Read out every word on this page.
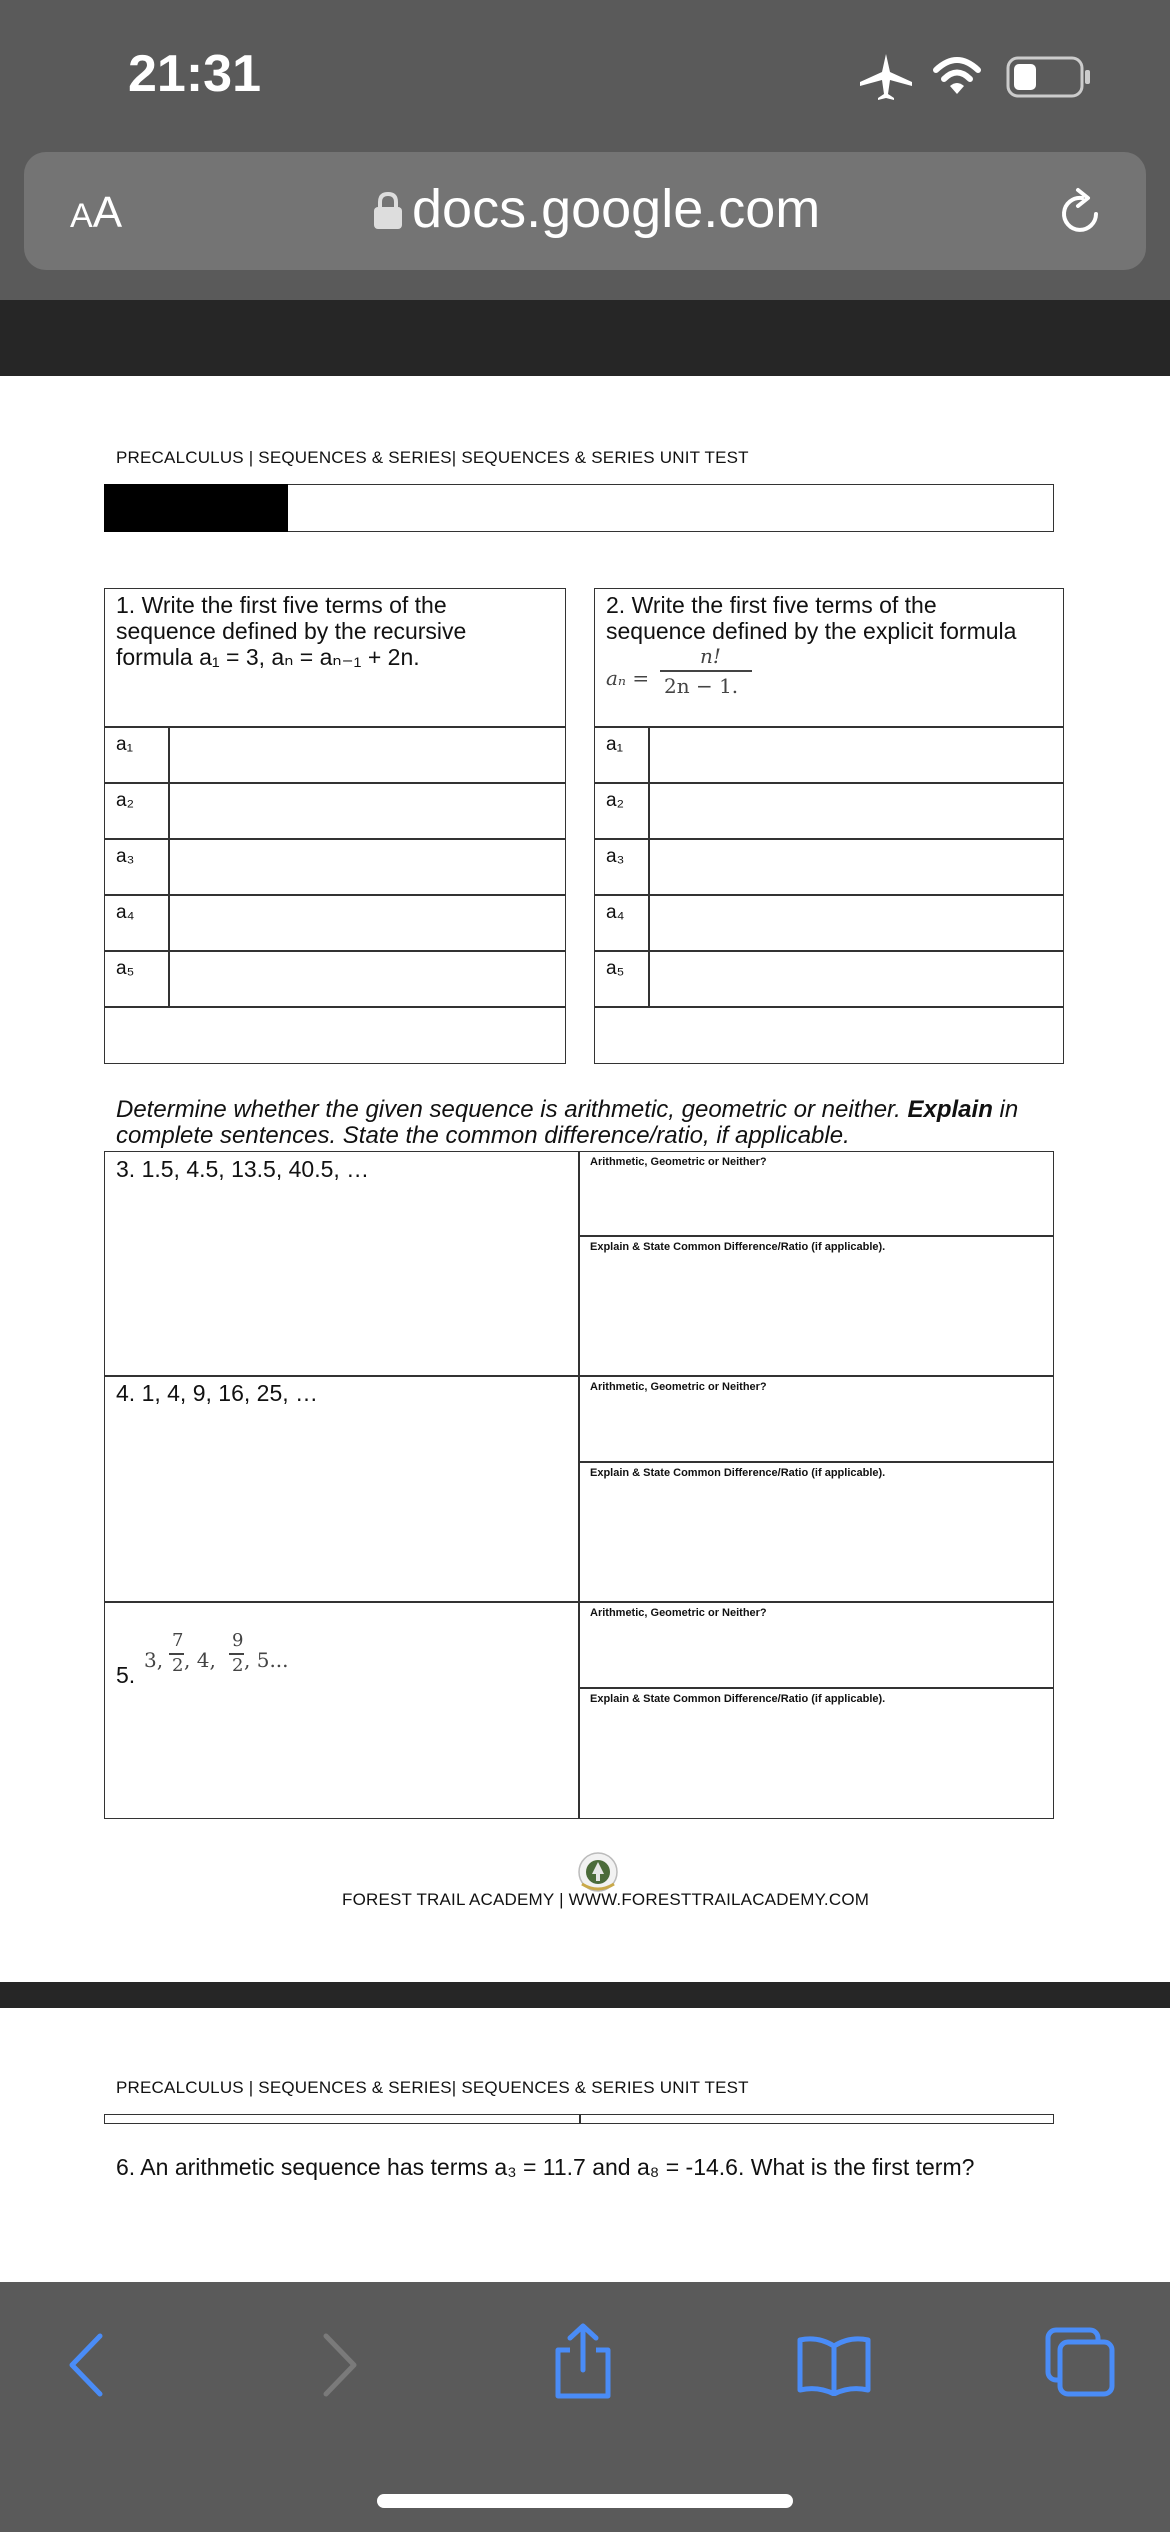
21:31
AA	docs.google.com
PRECALCULUS | SEQUENCES & SERIES| SEQUENCES & SERIES UNIT TEST
1. Write the first five terms of the
sequence defined by the recursive
formula a₁ = 3, aₙ = aₙ₋₁ + 2n.
a₁
a₂
a₃
a₄
a₅
2. Write the first five terms of the
sequence defined by the explicit formula
aₙ =
n!
2n − 1.
a₁
a₂
a₃
a₄
a₅
Determine whether the given sequence is arithmetic, geometric or neither. Explain in
complete sentences. State the common difference/ratio, if applicable.
3. 1.5, 4.5, 13.5, 40.5, …	Arithmetic, Geometric or Neither?
Explain & State Common Difference/Ratio (if applicable).
4. 1, 4, 9, 16, 25, …	Arithmetic, Geometric or Neither?
Explain & State Common Difference/Ratio (if applicable).
5.
3,
7
2 , 4,
9
2 , 5...
Arithmetic, Geometric or Neither?
Explain & State Common Difference/Ratio (if applicable).
FOREST TRAIL ACADEMY | WWW.FORESTTRAILACADEMY.COM
PRECALCULUS | SEQUENCES & SERIES| SEQUENCES & SERIES UNIT TEST
6. An arithmetic sequence has terms a₃ = 11.7 and a₈ = -14.6. What is the first term?
